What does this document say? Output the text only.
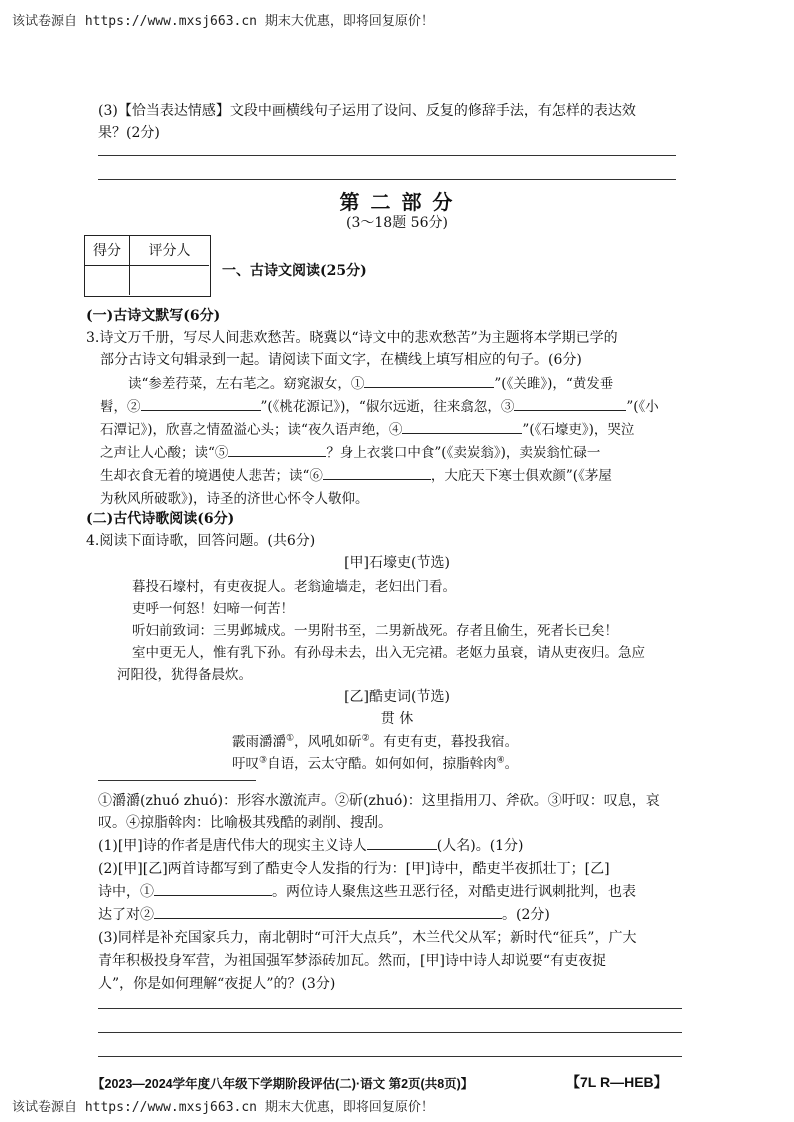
该试卷源自 https://www.mxsj663.cn 期末大优惠，即将回复原价！
(3)【恰当表达情感】文段中画横线句子运用了设问、反复的修辞手法，有怎样的表达效
果？(2分)
第 二 部 分
(3～18题 56分)
得分	评分人
一、古诗文阅读(25分)
(一)古诗文默写(6分)
3.诗文万千册，写尽人间悲欢愁苦。晓冀以“诗文中的悲欢愁苦”为主题将本学期已学的
部分古诗文句辑录到一起。请阅读下面文字，在横线上填写相应的句子。(6分)
读“参差荇菜，左右芼之。窈窕淑女，①	”(《关雎》)，“黄发垂
髫，②	”(《桃花源记》)，“俶尔远逝，往来翕忽，③	”(《小
石潭记》)，欣喜之情盈溢心头；读“夜久语声绝，④	”(《石壕吏》)，哭泣
之声让人心酸；读“⑤	？身上衣裳口中食”(《卖炭翁》)，卖炭翁忙碌一
生却衣食无着的境遇使人悲苦；读“⑥	，大庇天下寒士俱欢颜”(《茅屋
为秋风所破歌》)，诗圣的济世心怀令人敬仰。
(二)古代诗歌阅读(6分)
4.阅读下面诗歌，回答问题。(共6分)
[甲]石壕吏(节选)
暮投石壕村，有吏夜捉人。老翁逾墙走，老妇出门看。
吏呼一何怒！妇啼一何苦！
听妇前致词：三男邺城戍。一男附书至，二男新战死。存者且偷生，死者长已矣！
室中更无人，惟有乳下孙。有孙母未去，出入无完裙。老妪力虽衰，请从吏夜归。急应
河阳役，犹得备晨炊。
[乙]酷吏词(节选)
贯 休
霰雨灂灂①，风吼如斫②。有吏有吏，暮投我宿。
吁叹③自语，云太守酷。如何如何，掠脂斡肉④。
①灂灂(zhuó zhuó)：形容水激流声。②斫(zhuó)：这里指用刀、斧砍。③吁叹：叹息，哀
叹。④掠脂斡肉：比喻极其残酷的剥削、搜刮。
(1)[甲]诗的作者是唐代伟大的现实主义诗人	(人名)。(1分)
(2)[甲][乙]两首诗都写到了酷吏令人发指的行为：[甲]诗中，酷吏半夜抓壮丁；[乙]
诗中，①	。两位诗人聚焦这些丑恶行径，对酷吏进行讽刺批判，也表
达了对②	。(2分)
(3)同样是补充国家兵力，南北朝时“可汗大点兵”，木兰代父从军；新时代“征兵”，广大
青年积极投身军营，为祖国强军梦添砖加瓦。然而，[甲]诗中诗人却说要“有吏夜捉
人”，你是如何理解“夜捉人”的？(3分)
【2023—2024学年度八年级下学期阶段评估(二)·语文 第2页(共8页)】	【7L R—HEB】
该试卷源自 https://www.mxsj663.cn 期末大优惠，即将回复原价！
